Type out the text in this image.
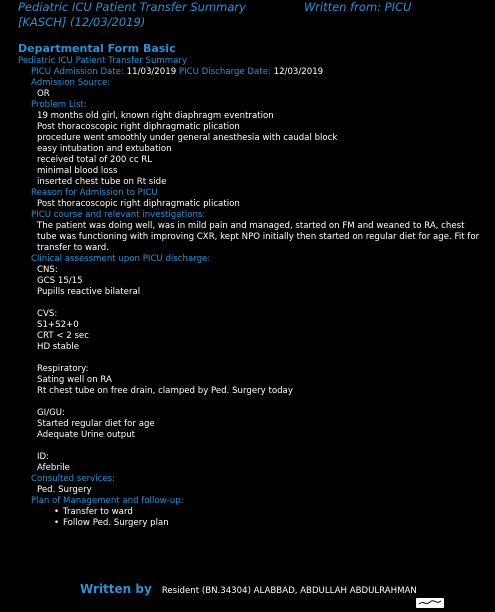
Pediatric ICU Patient Transfer Summary	Written from: PICU
[KASCH] (12/03/2019)
Departmental Form Basic
Pediatric ICU Patient Transfer Summary
PICU Admission Date: 11/03/2019 PICU Discharge Date: 12/03/2019
Admission Source:
OR
Problem List:
19 months old girl, known right diaphragm eventration
Post thoracoscopic right diphragmatic plication
procedure went smoothly under general anesthesia with caudal block
easy intubation and extubation
received total of 200 cc RL
minimal blood loss
inserted chest tube on Rt side
Reason for Admission to PICU
Post thoracoscopic right diphragmatic plication
PICU course and relevant investigations:
The patient was doing well, was in mild pain and managed, started on FM and weaned to RA, chest tube was functioning with improving CXR, kept NPO initially then started on regular diet for age. Fit for transfer to ward.
Clinical assessment upon PICU discharge:
CNS:
GCS 15/15
Pupills reactive bilateral
CVS:
S1+S2+0
CRT < 2 sec
HD stable
Respiratory:
Sating well on RA
Rt chest tube on free drain, clamped by Ped. Surgery today
GI/GU:
Started regular diet for age
Adequate Urine output
ID:
Afebrile
Consulted services:
Ped. Surgery
Plan of Management and follow-up:
• Transfer to ward
• Follow Ped. Surgery plan
Written by Resident (BN.34304) ALABBAD, ABDULLAH ABDULRAHMAN
